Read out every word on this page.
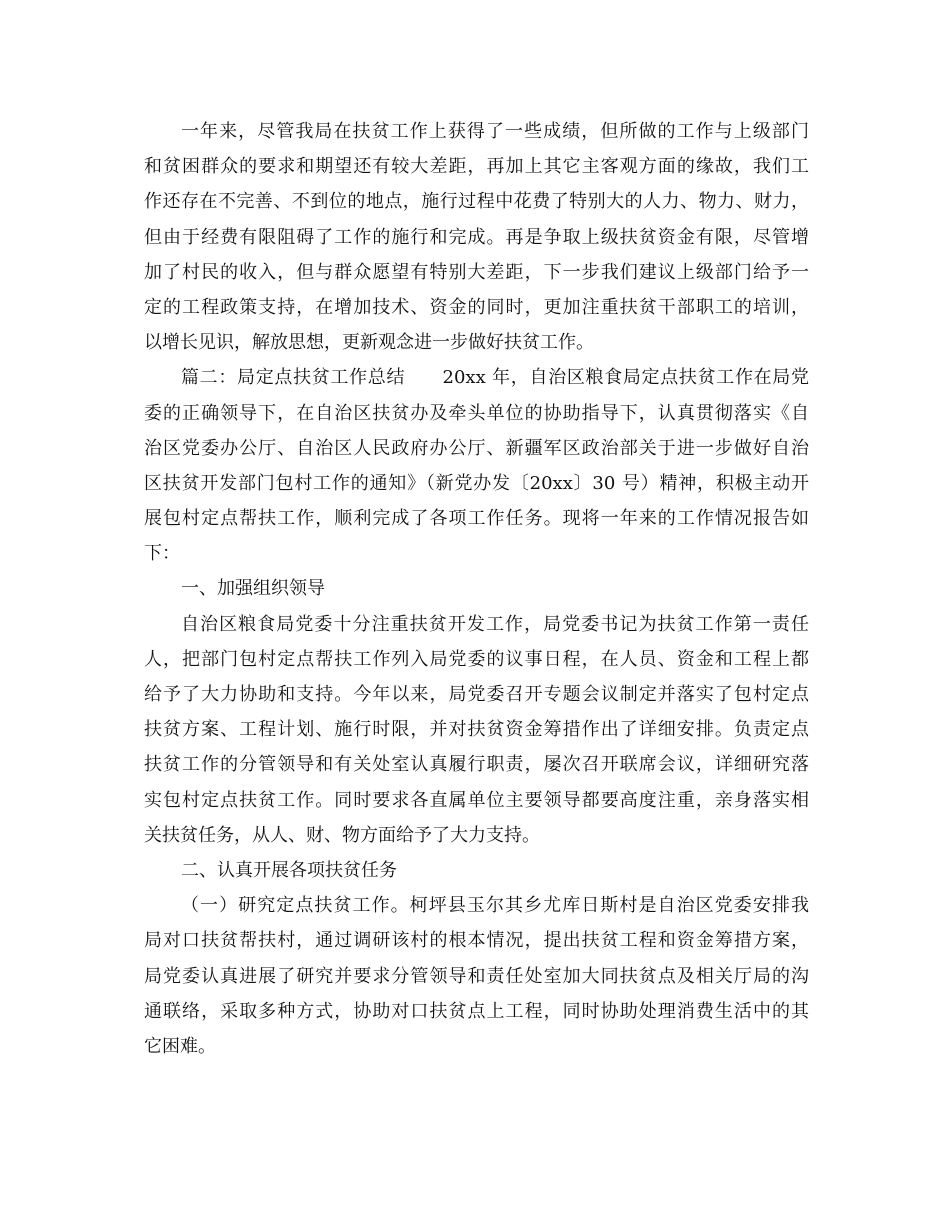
一年来，尽管我局在扶贫工作上获得了一些成绩，但所做的工作与上级部门
和贫困群众的要求和期望还有较大差距，再加上其它主客观方面的缘故，我们工
作还存在不完善、不到位的地点，施行过程中花费了特别大的人力、物力、财力，
但由于经费有限阻碍了工作的施行和完成。再是争取上级扶贫资金有限，尽管增
加了村民的收入，但与群众愿望有特别大差距，下一步我们建议上级部门给予一
定的工程政策支持，在增加技术、资金的同时，更加注重扶贫干部职工的培训，
以增长见识，解放思想，更新观念进一步做好扶贫工作。
篇二：局定点扶贫工作总结　　20xx 年，自治区粮食局定点扶贫工作在局党
委的正确领导下，在自治区扶贫办及牵头单位的协助指导下，认真贯彻落实《自
治区党委办公厅、自治区人民政府办公厅、新疆军区政治部关于进一步做好自治
区扶贫开发部门包村工作的通知》（新党办发〔20xx〕30 号）精神，积极主动开
展包村定点帮扶工作，顺利完成了各项工作任务。现将一年来的工作情况报告如
下：
一、加强组织领导
自治区粮食局党委十分注重扶贫开发工作，局党委书记为扶贫工作第一责任
人，把部门包村定点帮扶工作列入局党委的议事日程，在人员、资金和工程上都
给予了大力协助和支持。今年以来，局党委召开专题会议制定并落实了包村定点
扶贫方案、工程计划、施行时限，并对扶贫资金筹措作出了详细安排。负责定点
扶贫工作的分管领导和有关处室认真履行职责，屡次召开联席会议，详细研究落
实包村定点扶贫工作。同时要求各直属单位主要领导都要高度注重，亲身落实相
关扶贫任务，从人、财、物方面给予了大力支持。
二、认真开展各项扶贫任务
（一）研究定点扶贫工作。柯坪县玉尔其乡尤库日斯村是自治区党委安排我
局对口扶贫帮扶村，通过调研该村的根本情况，提出扶贫工程和资金筹措方案，
局党委认真进展了研究并要求分管领导和责任处室加大同扶贫点及相关厅局的沟
通联络，采取多种方式，协助对口扶贫点上工程，同时协助处理消费生活中的其
它困难。
